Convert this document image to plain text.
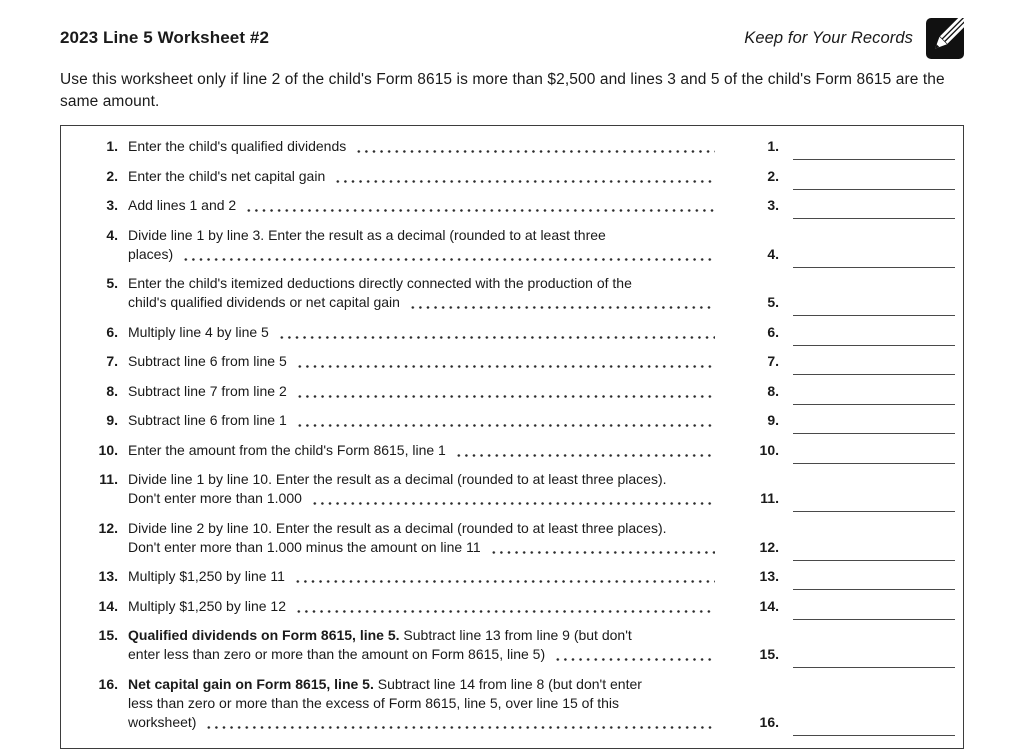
2023 Line 5 Worksheet #2	Keep for Your Records

Use this worksheet only if line 2 of the child's Form 8615 is more than $2,500 and lines 3 and 5 of the child's Form 8615 are the same amount.

1. Enter the child's qualified dividends	1.
2. Enter the child's net capital gain	2.
3. Add lines 1 and 2	3.
4. Divide line 1 by line 3. Enter the result as a decimal (rounded to at least three
places)	4.
5. Enter the child's itemized deductions directly connected with the production of the
child's qualified dividends or net capital gain	5.
6. Multiply line 4 by line 5	6.
7. Subtract line 6 from line 5	7.
8. Subtract line 7 from line 2	8.
9. Subtract line 6 from line 1	9.
10. Enter the amount from the child's Form 8615, line 1	10.
11. Divide line 1 by line 10. Enter the result as a decimal (rounded to at least three places).
Don't enter more than 1.000	11.
12. Divide line 2 by line 10. Enter the result as a decimal (rounded to at least three places).
Don't enter more than 1.000 minus the amount on line 11	12.
13. Multiply $1,250 by line 11	13.
14. Multiply $1,250 by line 12	14.
15. Qualified dividends on Form 8615, line 5. Subtract line 13 from line 9 (but don't
enter less than zero or more than the amount on Form 8615, line 5)	15.
16. Net capital gain on Form 8615, line 5. Subtract line 14 from line 8 (but don't enter
less than zero or more than the excess of Form 8615, line 5, over line 15 of this
worksheet)	16.
